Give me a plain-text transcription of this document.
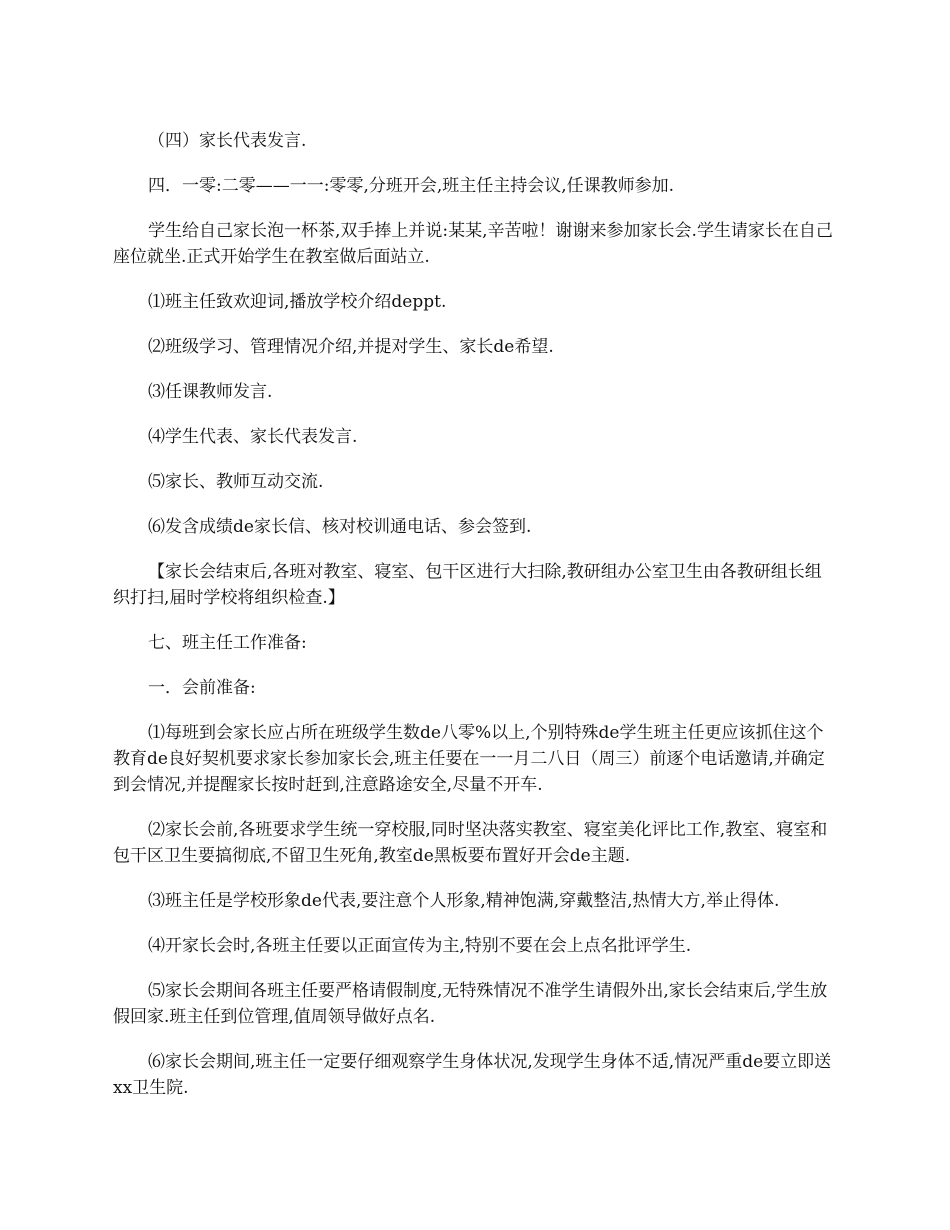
（四）家长代表发言.

四．一零:二零——一一:零零,分班开会,班主任主持会议,任课教师参加.

学生给自己家长泡一杯茶,双手捧上并说:某某,辛苦啦！谢谢来参加家长会.学生请家长在自己座位就坐.正式开始学生在教室做后面站立.

⑴班主任致欢迎词,播放学校介绍deppt.

⑵班级学习、管理情况介绍,并提对学生、家长de希望.

⑶任课教师发言.

⑷学生代表、家长代表发言.

⑸家长、教师互动交流.

⑹发含成绩de家长信、核对校训通电话、参会签到.

【家长会结束后,各班对教室、寝室、包干区进行大扫除,教研组办公室卫生由各教研组长组织打扫,届时学校将组织检查.】

七、班主任工作准备:

一．会前准备:

⑴每班到会家长应占所在班级学生数de八零%以上,个别特殊de学生班主任更应该抓住这个教育de良好契机要求家长参加家长会,班主任要在一一月二八日（周三）前逐个电话邀请,并确定到会情况,并提醒家长按时赶到,注意路途安全,尽量不开车.

⑵家长会前,各班要求学生统一穿校服,同时坚决落实教室、寝室美化评比工作,教室、寝室和包干区卫生要搞彻底,不留卫生死角,教室de黑板要布置好开会de主题.

⑶班主任是学校形象de代表,要注意个人形象,精神饱满,穿戴整洁,热情大方,举止得体.

⑷开家长会时,各班主任要以正面宣传为主,特别不要在会上点名批评学生.

⑸家长会期间各班主任要严格请假制度,无特殊情况不准学生请假外出,家长会结束后,学生放假回家.班主任到位管理,值周领导做好点名.

⑹家长会期间,班主任一定要仔细观察学生身体状况,发现学生身体不适,情况严重de要立即送xx卫生院.
